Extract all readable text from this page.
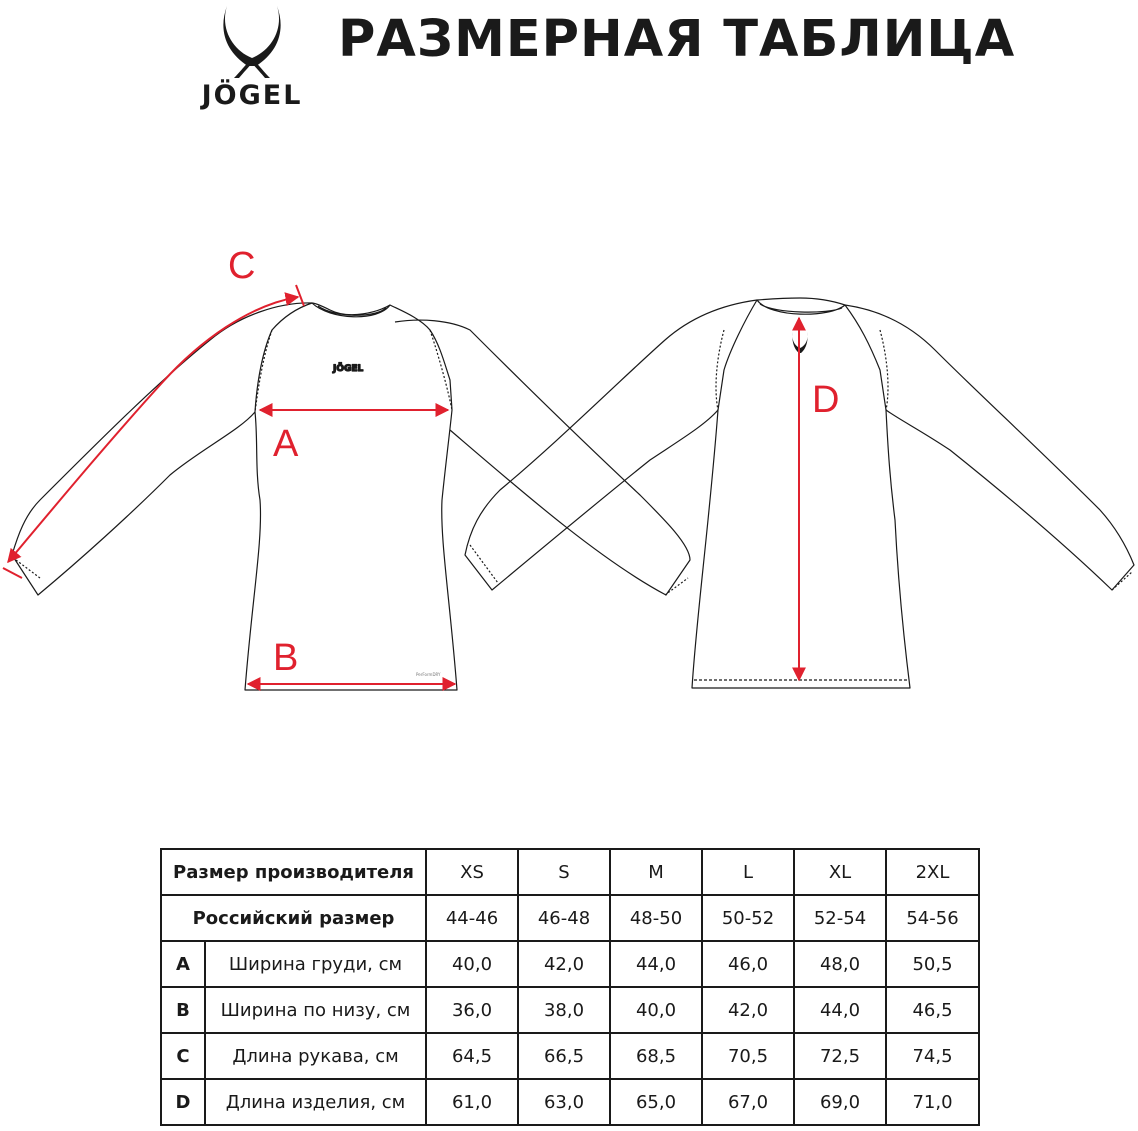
JÖGEL
РАЗМЕРНАЯ ТАБЛИЦА
JÖGEL
PerFormDRY
A
B
C
D
Размер производителя		XS	S	M	L	XL	2XL
Российский размер		44-46	46-48	48-50	50-52	52-54	54-56
A	Ширина груди, см	40,0	42,0	44,0	46,0	48,0	50,5
B	Ширина по низу, см	36,0	38,0	40,0	42,0	44,0	46,5
C	Длина рукава, см	64,5	66,5	68,5	70,5	72,5	74,5
D	Длина изделия, см	61,0	63,0	65,0	67,0	69,0	71,0
